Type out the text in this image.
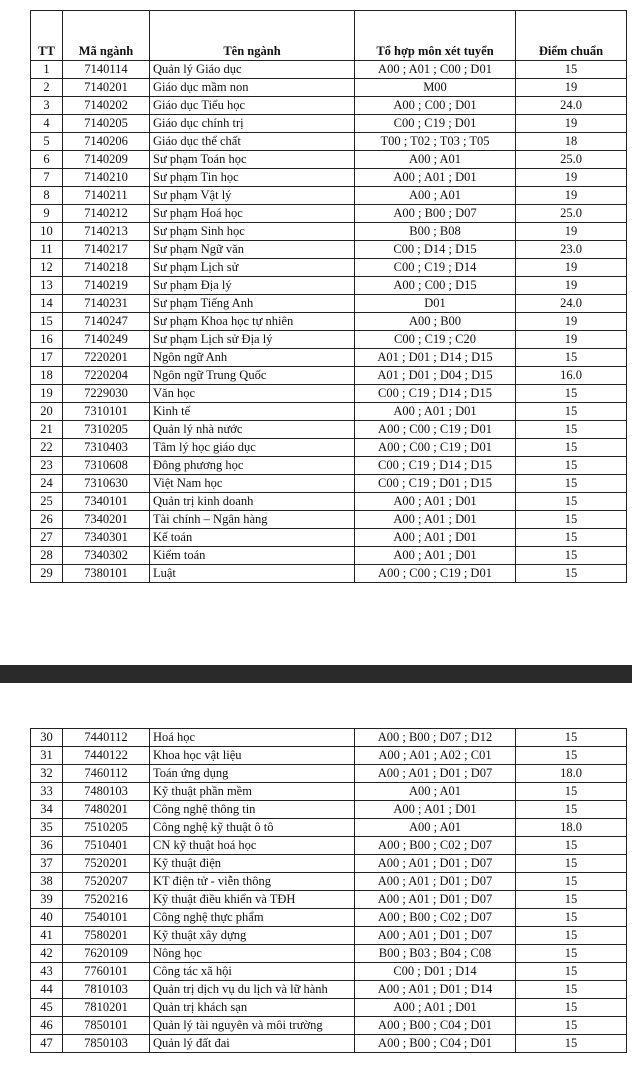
TT	Mã ngành	Tên ngành	Tổ hợp môn xét tuyển	Điểm chuẩn
1	7140114	Quản lý Giáo dục	A00 ; A01 ; C00 ; D01	15
2	7140201	Giáo dục mầm non	M00	19
3	7140202	Giáo dục Tiểu học	A00 ; C00 ; D01	24.0
4	7140205	Giáo dục chính trị	C00 ; C19 ; D01	19
5	7140206	Giáo dục thể chất	T00 ; T02 ; T03 ; T05	18
6	7140209	Sư phạm Toán học	A00 ; A01	25.0
7	7140210	Sư phạm Tin học	A00 ; A01 ; D01	19
8	7140211	Sư phạm Vật lý	A00 ; A01	19
9	7140212	Sư phạm Hoá học	A00 ; B00 ; D07	25.0
10	7140213	Sư phạm Sinh học	B00 ; B08	19
11	7140217	Sư phạm Ngữ văn	C00 ; D14 ; D15	23.0
12	7140218	Sư phạm Lịch sử	C00 ; C19 ; D14	19
13	7140219	Sư phạm Địa lý	A00 ; C00 ; D15	19
14	7140231	Sư phạm Tiếng Anh	D01	24.0
15	7140247	Sư phạm Khoa học tự nhiên	A00 ; B00	19
16	7140249	Sư phạm Lịch sử Địa lý	C00 ; C19 ; C20	19
17	7220201	Ngôn ngữ Anh	A01 ; D01 ; D14 ; D15	15
18	7220204	Ngôn ngữ Trung Quốc	A01 ; D01 ; D04 ; D15	16.0
19	7229030	Văn học	C00 ; C19 ; D14 ; D15	15
20	7310101	Kinh tế	A00 ; A01 ; D01	15
21	7310205	Quản lý nhà nước	A00 ; C00 ; C19 ; D01	15
22	7310403	Tâm lý học giáo dục	A00 ; C00 ; C19 ; D01	15
23	7310608	Đông phương học	C00 ; C19 ; D14 ; D15	15
24	7310630	Việt Nam học	C00 ; C19 ; D01 ; D15	15
25	7340101	Quản trị kinh doanh	A00 ; A01 ; D01	15
26	7340201	Tài chính – Ngân hàng	A00 ; A01 ; D01	15
27	7340301	Kế toán	A00 ; A01 ; D01	15
28	7340302	Kiểm toán	A00 ; A01 ; D01	15
29	7380101	Luật	A00 ; C00 ; C19 ; D01	15
30	7440112	Hoá học	A00 ; B00 ; D07 ; D12	15
31	7440122	Khoa học vật liệu	A00 ; A01 ; A02 ; C01	15
32	7460112	Toán ứng dụng	A00 ; A01 ; D01 ; D07	18.0
33	7480103	Kỹ thuật phần mềm	A00 ; A01	15
34	7480201	Công nghệ thông tin	A00 ; A01 ; D01	15
35	7510205	Công nghệ kỹ thuật ô tô	A00 ; A01	18.0
36	7510401	CN kỹ thuật hoá học	A00 ; B00 ; C02 ; D07	15
37	7520201	Kỹ thuật điện	A00 ; A01 ; D01 ; D07	15
38	7520207	KT điện tử - viễn thông	A00 ; A01 ; D01 ; D07	15
39	7520216	Kỹ thuật điều khiển và TĐH	A00 ; A01 ; D01 ; D07	15
40	7540101	Công nghệ thực phẩm	A00 ; B00 ; C02 ; D07	15
41	7580201	Kỹ thuật xây dựng	A00 ; A01 ; D01 ; D07	15
42	7620109	Nông học	B00 ; B03 ; B04 ; C08	15
43	7760101	Công tác xã hội	C00 ; D01 ; D14	15
44	7810103	Quản trị dịch vụ du lịch và lữ hành	A00 ; A01 ; D01 ; D14	15
45	7810201	Quản trị khách sạn	A00 ; A01 ; D01	15
46	7850101	Quản lý tài nguyên và môi trường	A00 ; B00 ; C04 ; D01	15
47	7850103	Quản lý đất đai	A00 ; B00 ; C04 ; D01	15
